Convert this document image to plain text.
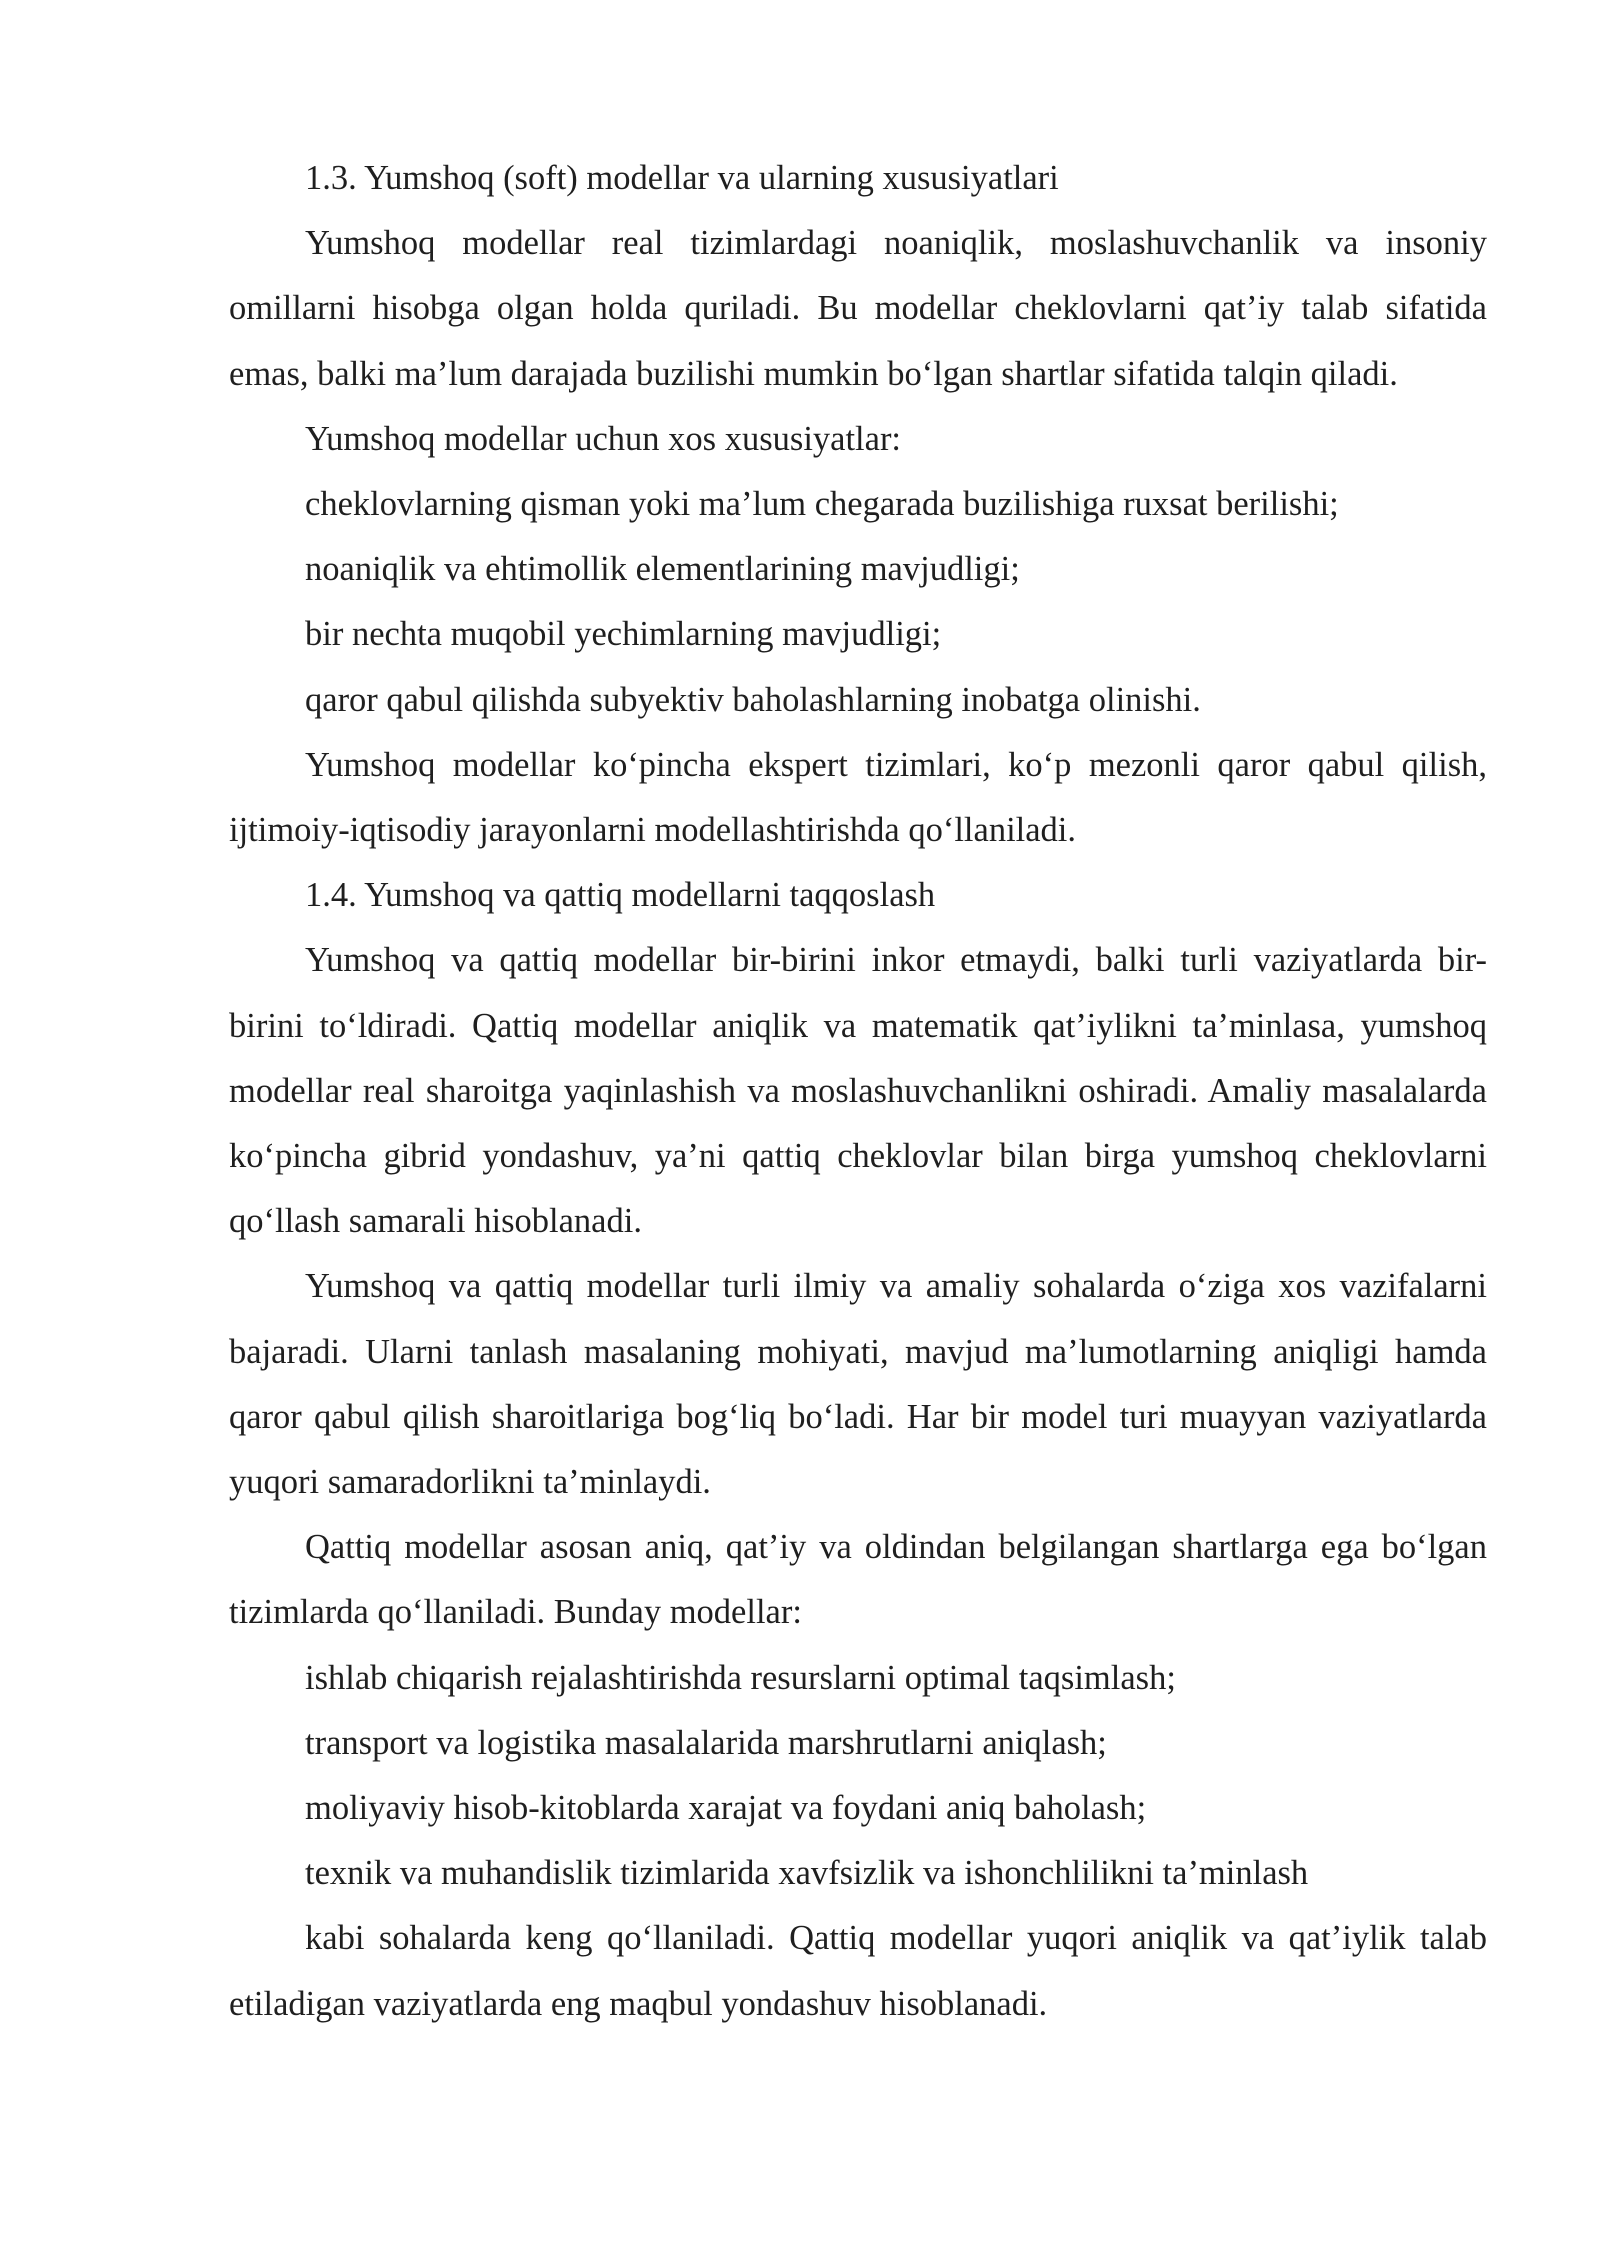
1.3. Yumshoq (soft) modellar va ularning xususiyatlari

Yumshoq modellar real tizimlardagi noaniqlik, moslashuvchanlik va insoniy omillarni hisobga olgan holda quriladi. Bu modellar cheklovlarni qat’iy talab sifatida emas, balki ma’lum darajada buzilishi mumkin bo‘lgan shartlar sifatida talqin qiladi.

Yumshoq modellar uchun xos xususiyatlar:

cheklovlarning qisman yoki ma’lum chegarada buzilishiga ruxsat berilishi;

noaniqlik va ehtimollik elementlarining mavjudligi;

bir nechta muqobil yechimlarning mavjudligi;

qaror qabul qilishda subyektiv baholashlarning inobatga olinishi.

Yumshoq modellar ko‘pincha ekspert tizimlari, ko‘p mezonli qaror qabul qilish, ijtimoiy-iqtisodiy jarayonlarni modellashtirishda qo‘llaniladi.

1.4. Yumshoq va qattiq modellarni taqqoslash

Yumshoq va qattiq modellar bir-birini inkor etmaydi, balki turli vaziyatlarda bir-birini to‘ldiradi. Qattiq modellar aniqlik va matematik qat’iylikni ta’minlasa, yumshoq modellar real sharoitga yaqinlashish va moslashuvchanlikni oshiradi. Amaliy masalalarda ko‘pincha gibrid yondashuv, ya’ni qattiq cheklovlar bilan birga yumshoq cheklovlarni qo‘llash samarali hisoblanadi.

Yumshoq va qattiq modellar turli ilmiy va amaliy sohalarda o‘ziga xos vazifalarni bajaradi. Ularni tanlash masalaning mohiyati, mavjud ma’lumotlarning aniqligi hamda qaror qabul qilish sharoitlariga bog‘liq bo‘ladi. Har bir model turi muayyan vaziyatlarda yuqori samaradorlikni ta’minlaydi.

Qattiq modellar asosan aniq, qat’iy va oldindan belgilangan shartlarga ega bo‘lgan tizimlarda qo‘llaniladi. Bunday modellar:

ishlab chiqarish rejalashtirishda resurslarni optimal taqsimlash;

transport va logistika masalalarida marshrutlarni aniqlash;

moliyaviy hisob-kitoblarda xarajat va foydani aniq baholash;

texnik va muhandislik tizimlarida xavfsizlik va ishonchlilikni ta’minlash

kabi sohalarda keng qo‘llaniladi. Qattiq modellar yuqori aniqlik va qat’iylik talab etiladigan vaziyatlarda eng maqbul yondashuv hisoblanadi.
